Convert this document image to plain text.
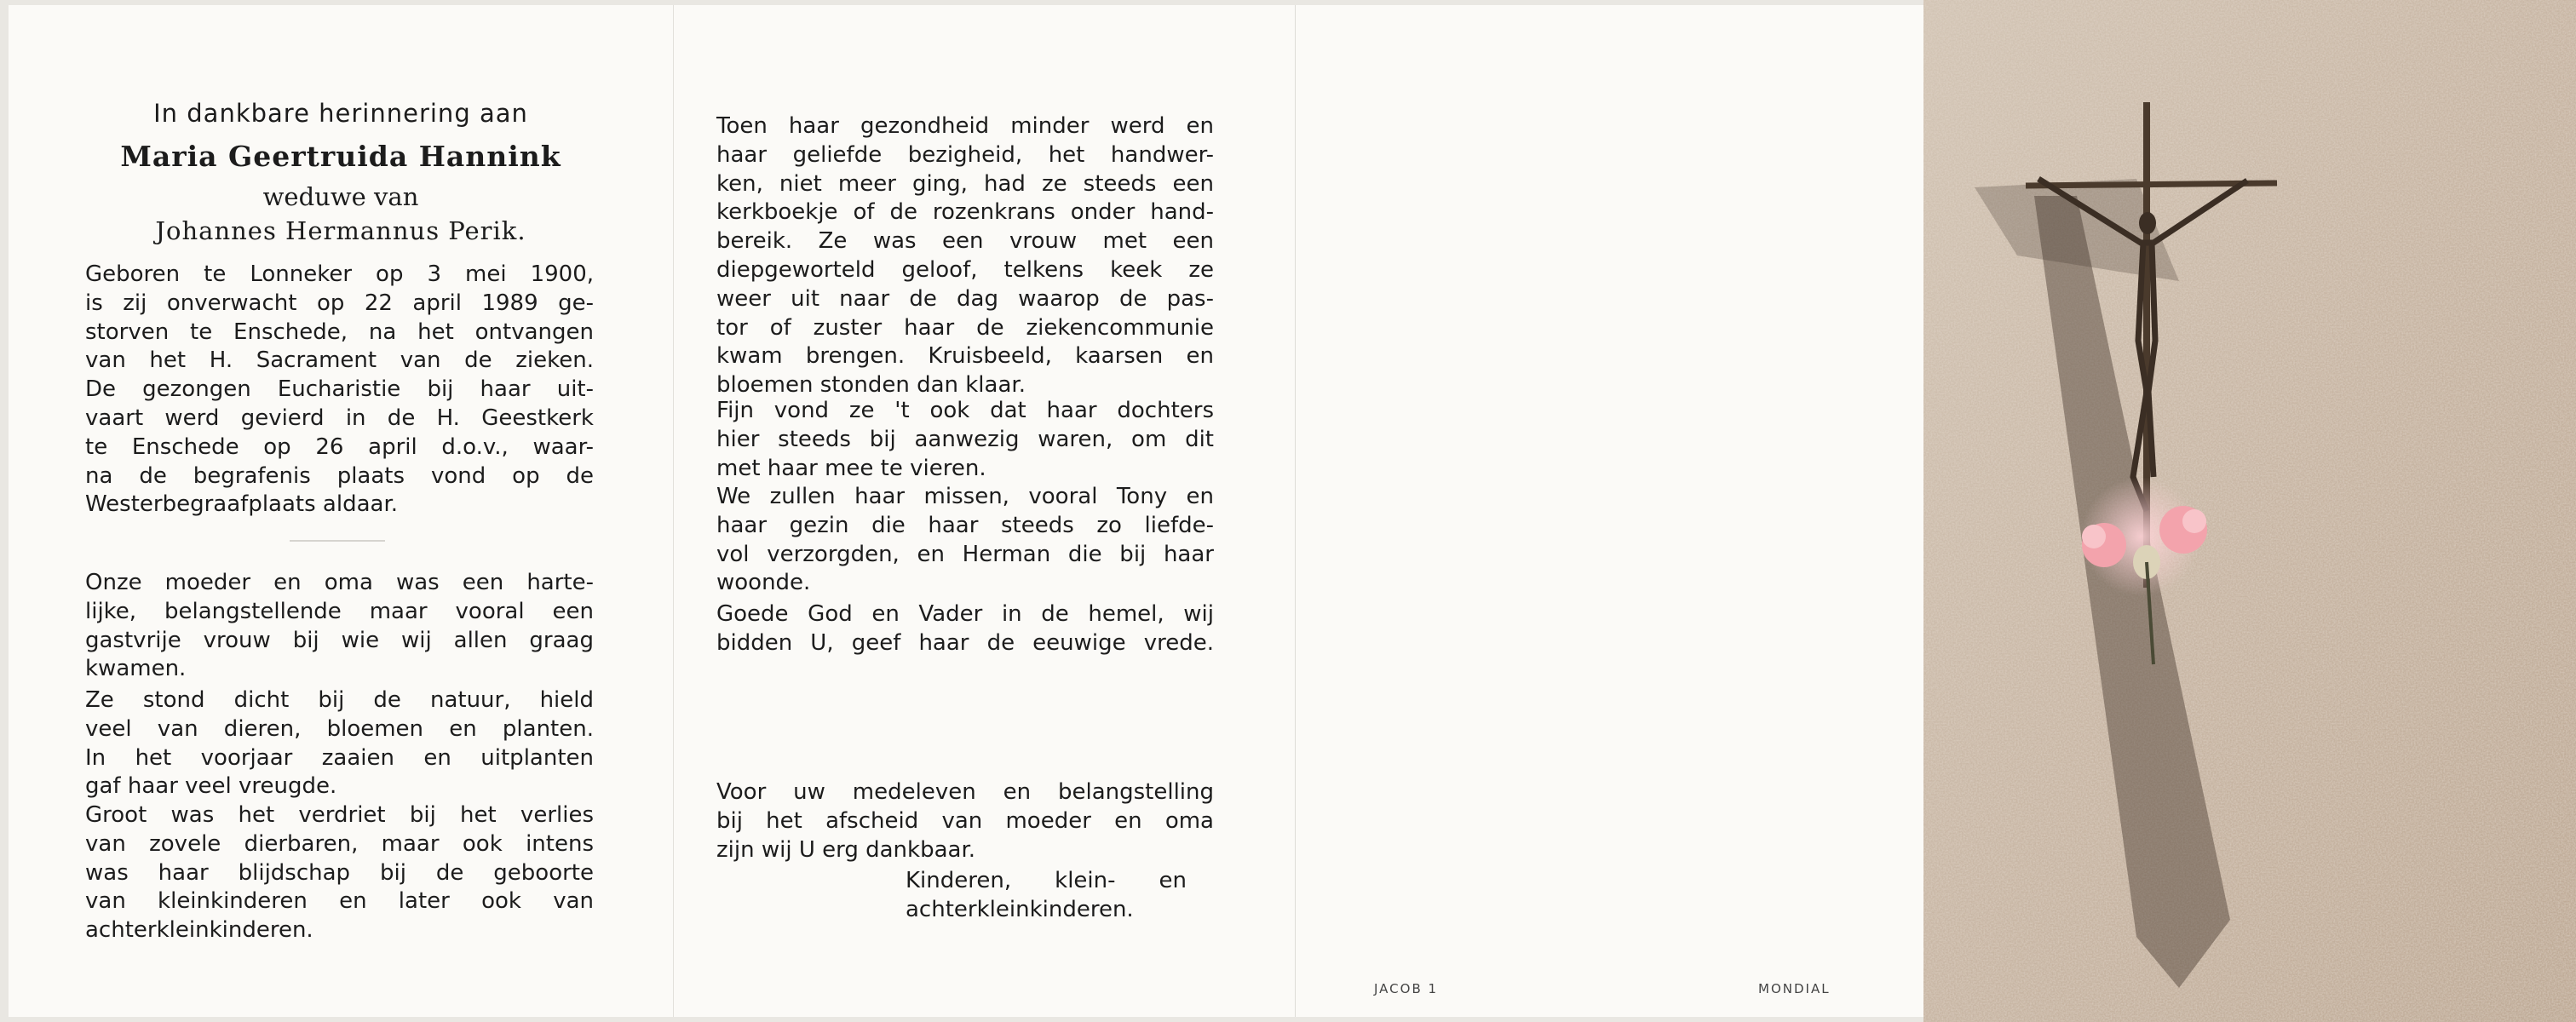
In dankbare herinnering aan
Maria Geertruida Hannink
weduwe van
Johannes Hermannus Perik.

Geboren te Lonneker op 3 mei 1900,
is zij onverwacht op 22 april 1989 ge-
storven te Enschede, na het ontvangen
van het H. Sacrament van de zieken.
De gezongen Eucharistie bij haar uit-
vaart werd gevierd in de H. Geestkerk
te Enschede op 26 april d.o.v., waar-
na de begrafenis plaats vond op de
Westerbegraafplaats aldaar.

Onze moeder en oma was een harte-
lijke, belangstellende maar vooral een
gastvrije vrouw bij wie wij allen graag
kwamen.

Ze stond dicht bij de natuur, hield
veel van dieren, bloemen en planten.
In het voorjaar zaaien en uitplanten
gaf haar veel vreugde.

Groot was het verdriet bij het verlies
van zovele dierbaren, maar ook intens
was haar blijdschap bij de geboorte
van kleinkinderen en later ook van
achterkleinkinderen.

Toen haar gezondheid minder werd en
haar geliefde bezigheid, het handwer-
ken, niet meer ging, had ze steeds een
kerkboekje of de rozenkrans onder hand-
bereik. Ze was een vrouw met een
diepgeworteld geloof, telkens keek ze
weer uit naar de dag waarop de pas-
tor of zuster haar de ziekencommunie
kwam brengen. Kruisbeeld, kaarsen en
bloemen stonden dan klaar.

Fijn vond ze 't ook dat haar dochters
hier steeds bij aanwezig waren, om dit
met haar mee te vieren.

We zullen haar missen, vooral Tony en
haar gezin die haar steeds zo liefde-
vol verzorgden, en Herman die bij haar
woonde.

Goede God en Vader in de hemel, wij
bidden U, geef haar de eeuwige vrede.

Voor uw medeleven en belangstelling
bij het afscheid van moeder en oma
zijn wij U erg dankbaar.

Kinderen, klein- en
achterkleinkinderen.

JACOB 1	MONDIAL
